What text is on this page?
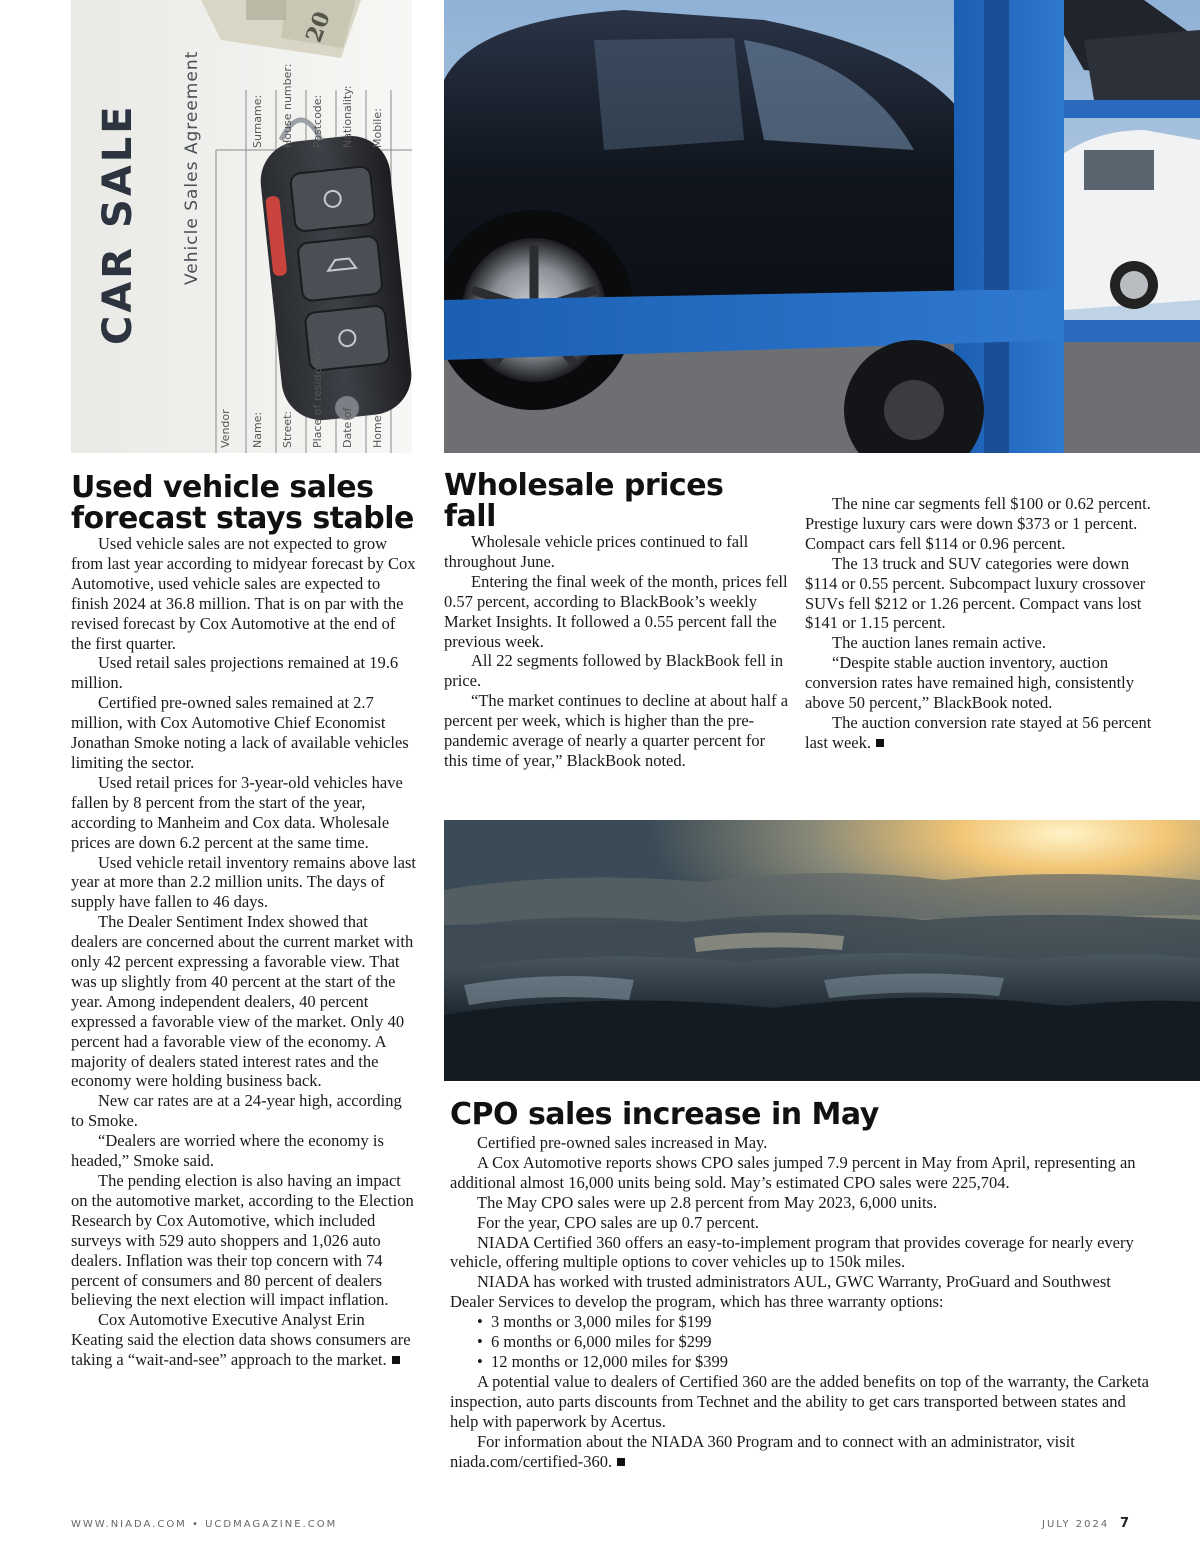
CAR SALE Vehicle Sales Agreement
Vendor Name: Street: Place of residence: Date of Home
Surname: House number: Postcode: Nationality: Mobile:
20
Used vehicle sales forecast stays stable

Used vehicle sales are not expected to grow from last year according to midyear forecast by Cox Automotive, used vehicle sales are expected to finish 2024 at 36.8 million. That is on par with the revised forecast by Cox Automotive at the end of the first quarter.

Used retail sales projections remained at 19.6 million.

Certified pre-owned sales remained at 2.7 million, with Cox Automotive Chief Economist Jonathan Smoke noting a lack of available vehicles limiting the sector.

Used retail prices for 3-year-old vehicles have fallen by 8 percent from the start of the year, according to Manheim and Cox data. Wholesale prices are down 6.2 percent at the same time.

Used vehicle retail inventory remains above last year at more than 2.2 million units. The days of supply have fallen to 46 days.

The Dealer Sentiment Index showed that dealers are concerned about the current market with only 42 percent expressing a favorable view. That was up slightly from 40 percent at the start of the year. Among independent dealers, 40 percent expressed a favorable view of the market. Only 40 percent had a favorable view of the economy. A majority of dealers stated interest rates and the economy were holding business back.

New car rates are at a 24-year high, according to Smoke.

“Dealers are worried where the economy is headed,” Smoke said.

The pending election is also having an impact on the automotive market, according to the Election Research by Cox Automotive, which included surveys with 529 auto shoppers and 1,026 auto dealers. Inflation was their top concern with 74 percent of consumers and 80 percent of dealers believing the next election will impact inflation.

Cox Automotive Executive Analyst Erin Keating said the election data shows consumers are taking a “wait-and-see” approach to the market.

Wholesale prices fall

Wholesale vehicle prices continued to fall throughout June.

Entering the final week of the month, prices fell 0.57 percent, according to BlackBook’s weekly Market Insights. It followed a 0.55 percent fall the previous week.

All 22 segments followed by BlackBook fell in price.

“The market continues to decline at about half a percent per week, which is higher than the pre-pandemic average of nearly a quarter percent for this time of year,” BlackBook noted.

The nine car segments fell $100 or 0.62 percent. Prestige luxury cars were down $373 or 1 percent. Compact cars fell $114 or 0.96 percent.

The 13 truck and SUV categories were down $114 or 0.55 percent. Subcompact luxury crossover SUVs fell $212 or 1.26 percent. Compact vans lost $141 or 1.15 percent.

The auction lanes remain active.

“Despite stable auction inventory, auction conversion rates have remained high, consistently above 50 percent,” BlackBook noted.

The auction conversion rate stayed at 56 percent last week.

CPO sales increase in May

Certified pre-owned sales increased in May.

A Cox Automotive reports shows CPO sales jumped 7.9 percent in May from April, representing an additional almost 16,000 units being sold. May’s estimated CPO sales were 225,704.

The May CPO sales were up 2.8 percent from May 2023, 6,000 units.

For the year, CPO sales are up 0.7 percent.

NIADA Certified 360 offers an easy-to-implement program that provides coverage for nearly every vehicle, offering multiple options to cover vehicles up to 150k miles.

NIADA has worked with trusted administrators AUL, GWC Warranty, ProGuard and Southwest Dealer Services to develop the program, which has three warranty options:

• 3 months or 3,000 miles for $199
• 6 months or 6,000 miles for $299
• 12 months or 12,000 miles for $399

A potential value to dealers of Certified 360 are the added benefits on top of the warranty, the Carketa inspection, auto parts discounts from Technet and the ability to get cars transported between states and help with paperwork by Acertus.

For information about the NIADA 360 Program and to connect with an administrator, visit niada.com/certified-360.

WWW.NIADA.COM • UCDMAGAZINE.COM	JULY 2024 7
